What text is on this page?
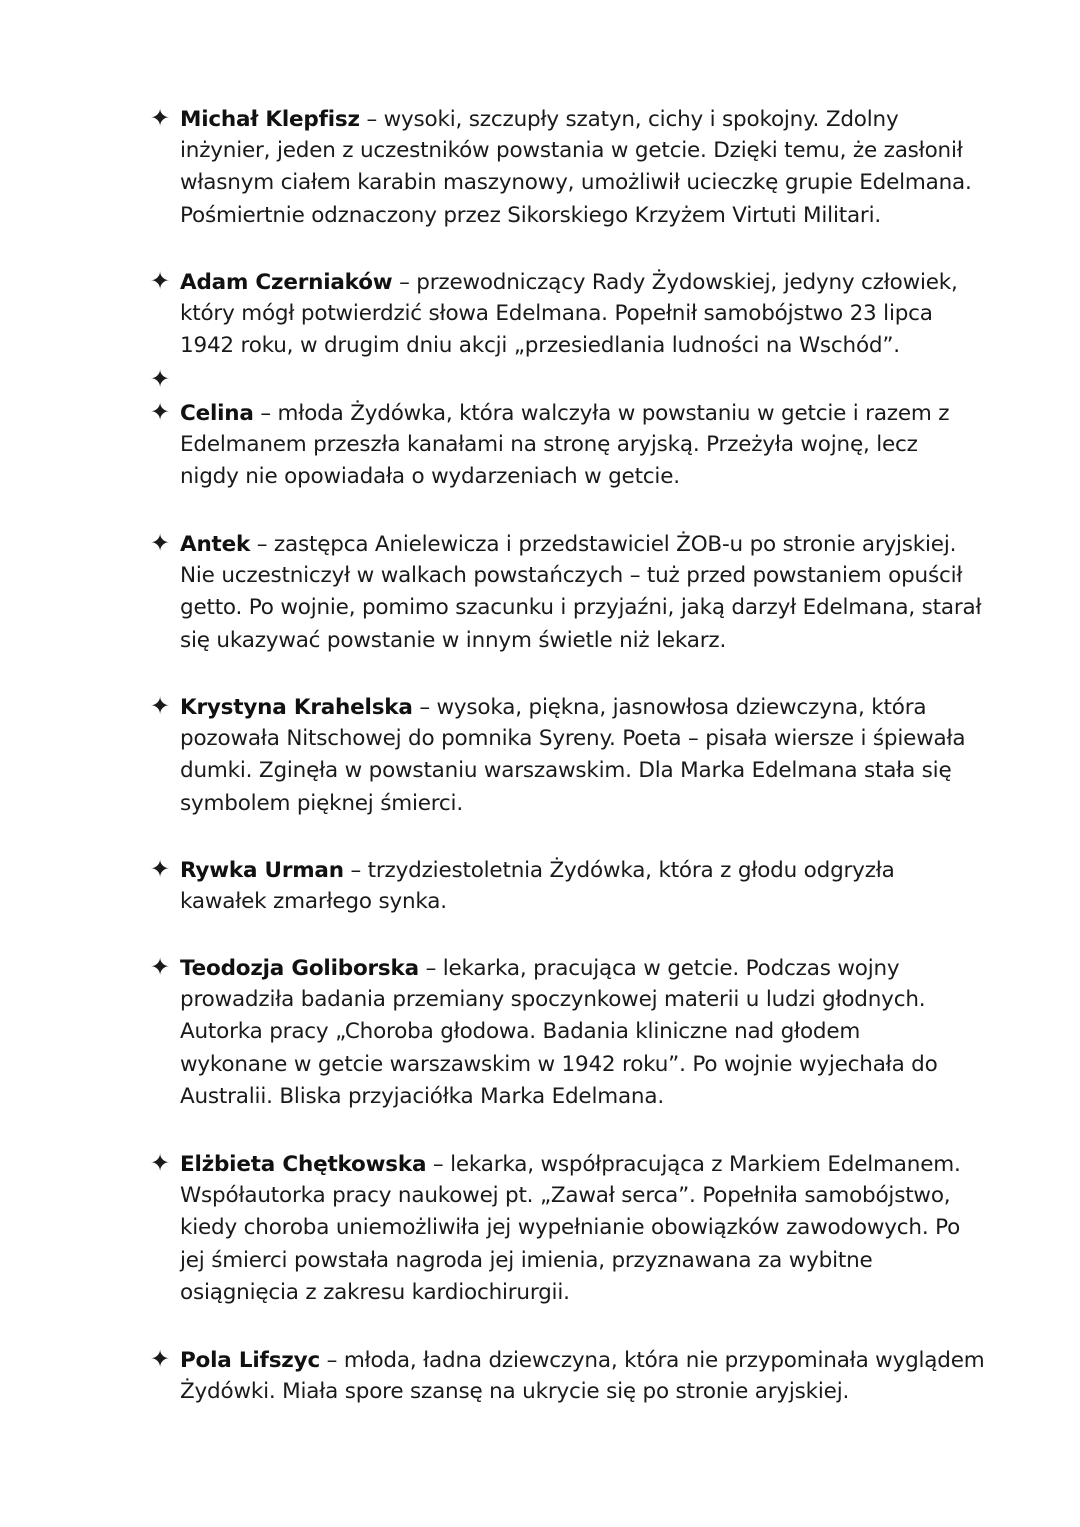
✦ Michał Klepfisz – wysoki, szczupły szatyn, cichy i spokojny. Zdolny
inżynier, jeden z uczestników powstania w getcie. Dzięki temu, że zasłonił
własnym ciałem karabin maszynowy, umożliwił ucieczkę grupie Edelmana.
Pośmiertnie odznaczony przez Sikorskiego Krzyżem Virtuti Militari.
✦ Adam Czerniaków – przewodniczący Rady Żydowskiej, jedyny człowiek,
który mógł potwierdzić słowa Edelmana. Popełnił samobójstwo 23 lipca
1942 roku, w drugim dniu akcji „przesiedlania ludności na Wschód”.
✦
✦ Celina – młoda Żydówka, która walczyła w powstaniu w getcie i razem z
Edelmanem przeszła kanałami na stronę aryjską. Przeżyła wojnę, lecz
nigdy nie opowiadała o wydarzeniach w getcie.
✦ Antek – zastępca Anielewicza i przedstawiciel ŻOB-u po stronie aryjskiej.
Nie uczestniczył w walkach powstańczych – tuż przed powstaniem opuścił
getto. Po wojnie, pomimo szacunku i przyjaźni, jaką darzył Edelmana, starał
się ukazywać powstanie w innym świetle niż lekarz.
✦ Krystyna Krahelska – wysoka, piękna, jasnowłosa dziewczyna, która
pozowała Nitschowej do pomnika Syreny. Poeta – pisała wiersze i śpiewała
dumki. Zginęła w powstaniu warszawskim. Dla Marka Edelmana stała się
symbolem pięknej śmierci.
✦ Rywka Urman – trzydziestoletnia Żydówka, która z głodu odgryzła
kawałek zmarłego synka.
✦ Teodozja Goliborska – lekarka, pracująca w getcie. Podczas wojny
prowadziła badania przemiany spoczynkowej materii u ludzi głodnych.
Autorka pracy „Choroba głodowa. Badania kliniczne nad głodem
wykonane w getcie warszawskim w 1942 roku”. Po wojnie wyjechała do
Australii. Bliska przyjaciółka Marka Edelmana.
✦ Elżbieta Chętkowska – lekarka, współpracująca z Markiem Edelmanem.
Współautorka pracy naukowej pt. „Zawał serca”. Popełniła samobójstwo,
kiedy choroba uniemożliwiła jej wypełnianie obowiązków zawodowych. Po
jej śmierci powstała nagroda jej imienia, przyznawana za wybitne
osiągnięcia z zakresu kardiochirurgii.
✦ Pola Lifszyc – młoda, ładna dziewczyna, która nie przypominała wyglądem
Żydówki. Miała spore szansę na ukrycie się po stronie aryjskiej.
